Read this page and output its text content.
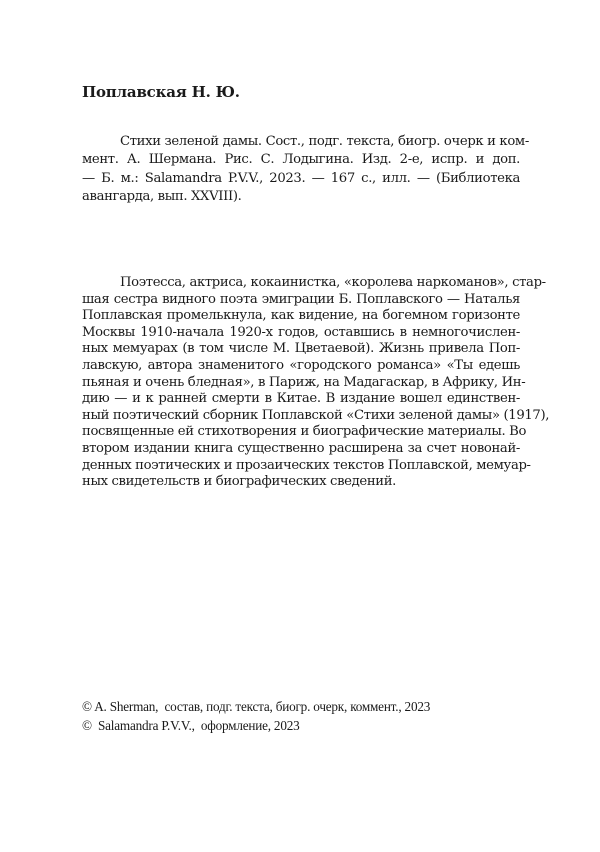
Поплавская Н. Ю.
Стихи зеленой дамы. Сост., подг. текста, биогр. очерк и ком-
мент. А. Шермана. Рис. С. Лодыгина. Изд. 2-е, испр. и доп.
— Б. м.: Salamandra P.V.V., 2023. — 167 с., илл. — (Библиотека
авангарда, вып. XXVIII).
Поэтесса, актриса, кокаинистка, «королева наркоманов», стар-
шая сестра видного поэта эмиграции Б. Поплавского — Наталья
Поплавская промелькнула, как видение, на богемном горизонте
Москвы 1910-начала 1920-х годов, оставшись в немногочислен-
ных мемуарах (в том числе М. Цветаевой). Жизнь привела Поп-
лавскую, автора знаменитого «городского романса» «Ты едешь
пьяная и очень бледная», в Париж, на Мадагаскар, в Африку, Ин-
дию — и к ранней смерти в Китае. В издание вошел единствен-
ный поэтический сборник Поплавской «Стихи зеленой дамы» (1917),
посвященные ей стихотворения и биографические материалы. Во
втором издании книга существенно расширена за счет новонай-
денных поэтических и прозаических текстов Поплавской, мемуар-
ных свидетельств и биографических сведений.
© A. Sherman,  состав, подг. текста, биогр. очерк, коммент., 2023
©  Salamandra P.V.V.,  оформление, 2023
